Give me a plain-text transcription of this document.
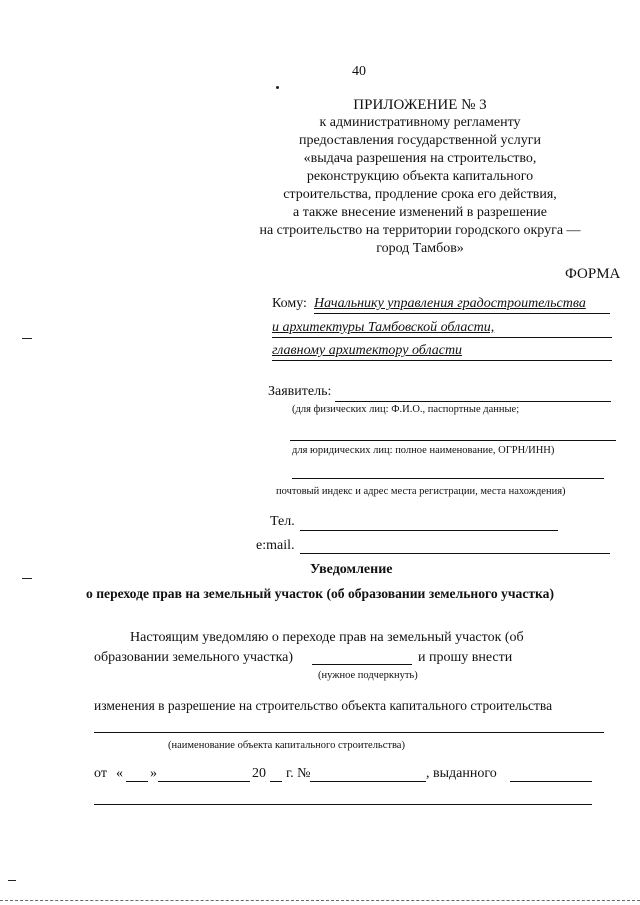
40
ПРИЛОЖЕНИЕ № 3
к административному регламенту
предоставления государственной услуги
«выдача разрешения на строительство,
реконструкцию объекта капитального
строительства, продление срока его действия,
а также внесение изменений в разрешение
на строительство на территории городского округа —
город Тамбов»
ФОРМА
Кому: Начальнику управления градостроительства
и архитектуры Тамбовской области,
главному архитектору области
Заявитель:
(для физических лиц: Ф.И.О., паспортные данные;
для юридических лиц: полное наименование, ОГРН/ИНН)
почтовый индекс и адрес места регистрации, места нахождения)
Тел.
e:mail.
Уведомление
о переходе прав на земельный участок (об образовании земельного участка)
Настоящим уведомляю о переходе прав на земельный участок (об
образовании земельного участка)	и прошу внести
(нужное подчеркнуть)
изменения в разрешение на строительство объекта капитального строительства
(наименование объекта капитального строительства)
от « »	20 г. №	, выданного
